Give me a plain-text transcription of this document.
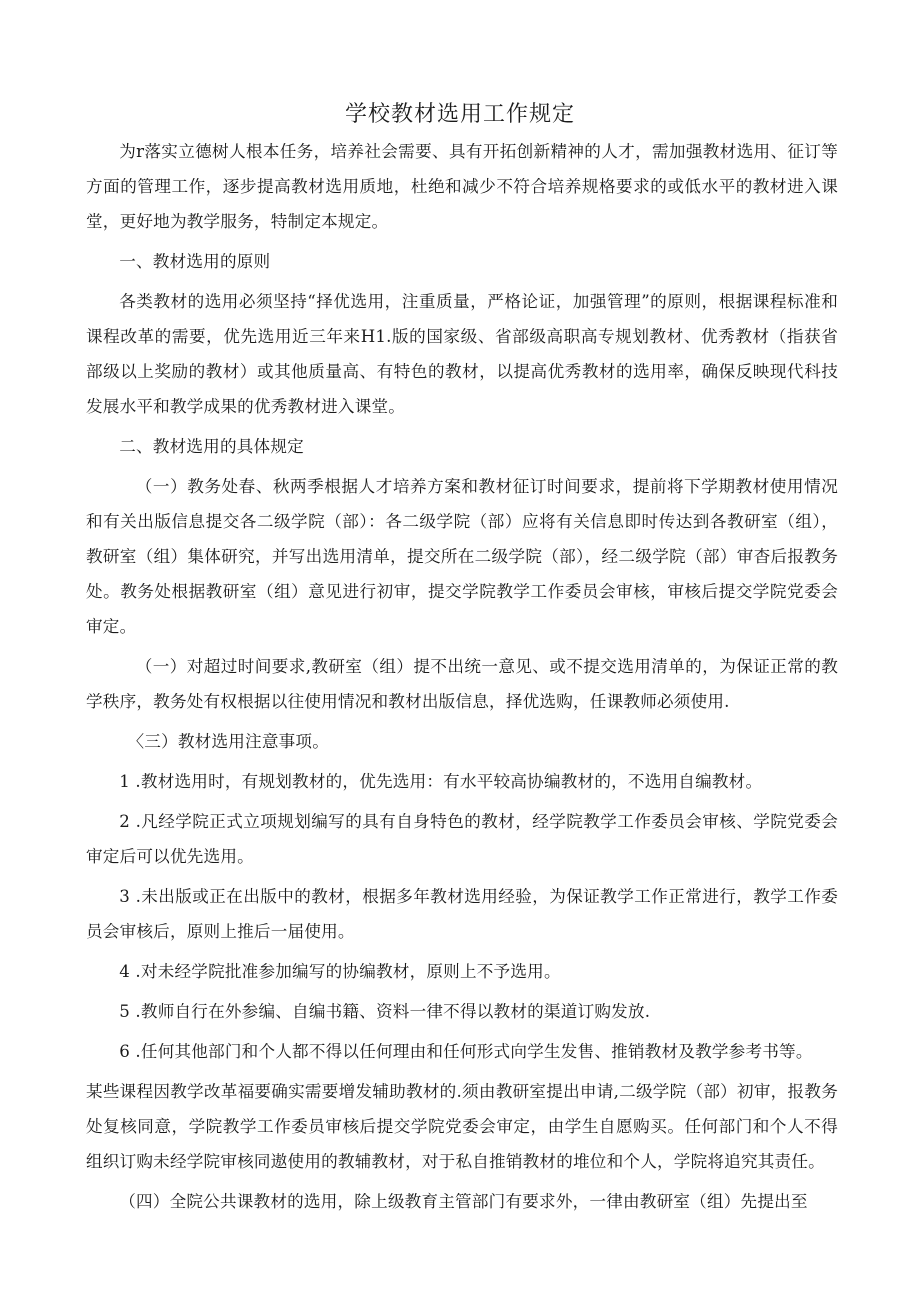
学校教材选用工作规定

为r落实立德树人根本任务，培养社会需要、具有开拓创新精神的人才，需加强教材选用、征订等方面的管理工作，逐步提高教材选用质地，杜绝和减少不符合培养规格要求的或低水平的教材进入课堂，更好地为教学服务，特制定本规定。

一、教材选用的原则

各类教材的选用必须坚持“择优选用，注重质量，严格论证，加强管理”的原则，根据课程标准和课程改革的需要，优先选用近三年来H1.版的国家级、省部级高职高专规划教材、优秀教材（指获省部级以上奖励的教材）或其他质量高、有特色的教材，以提高优秀教材的选用率，确保反映现代科技发展水平和教学成果的优秀教材进入课堂。

二、教材选用的具体规定

（一）教务处春、秋两季根据人才培养方案和教材征订时间要求，提前将下学期教材使用情况和有关出版信息提交各二级学院（部）：各二级学院（部）应将有关信息即时传达到各教研室（组），教研室（组）集体研究，并写出选用清单，提交所在二级学院（部），经二级学院（部）审杳后报教务处。教务处根据教研室（组）意见进行初审，提交学院教学工作委员会审核，审核后提交学院党委会审定。

（一）对超过时间要求,教研室（组）提不出统一意见、或不提交选用清单的，为保证正常的教学秩序，教务处有权根据以往使用情况和教材出版信息，择优选购，任课教师必须使用.

〈三）教材选用注意事项。

1 .教材选用时，有规划教材的，优先选用：有水平较高协编教材的，不选用自编教材。

2 .凡经学院正式立项规划编写的具有自身特色的教材，经学院教学工作委员会审核、学院党委会审定后可以优先选用。

3 .未出版或正在出版中的教材，根据多年教材选用经验，为保证教学工作正常进行，教学工作委员会审核后，原则上推后一届使用。

4 .对未经学院批准参加编写的协编教材，原则上不予选用。

5 .教师自行在外参编、自编书籍、资料一律不得以教材的渠道订购发放.

6 .任何其他部门和个人都不得以任何理由和任何形式向学生发售、推销教材及教学参考书等。

某些课程因教学改革福要确实需要增发辅助教材的.须由教研室提出申请,二级学院（部）初审，报教务处复核同意，学院教学工作委员审核后提交学院党委会审定，由学生自愿购买。任何部门和个人不得组织订购未经学院审核同遨使用的教辅教材，对于私自推销教材的堆位和个人，学院将追究其责任。

（四）全院公共课教材的选用，除上级教育主管部门有要求外，一律由教研室（组）先提出至
